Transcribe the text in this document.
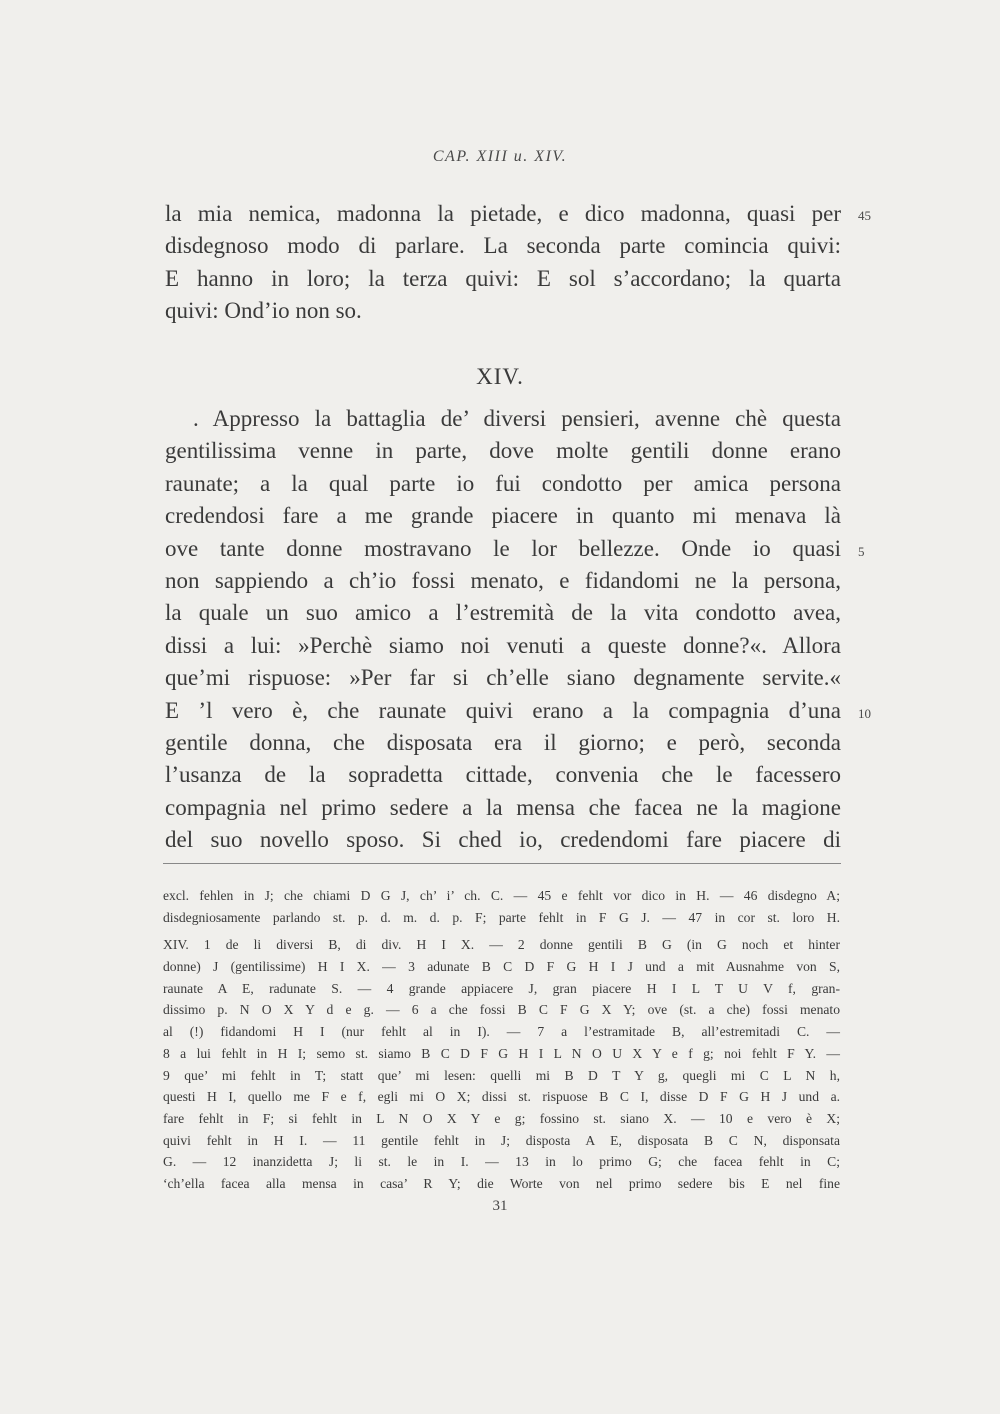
CAP. XIII u. XIV.
la mia nemica, madonna la pietade, e dico madonna, quasi per
disdegnoso modo di parlare. La seconda parte comincia quivi:
E hanno in loro; la terza quivi: E sol s’accordano; la quarta
quivi: Ond’io non so.
XIV.
. Appresso la battaglia de’ diversi pensieri, avenne chè questa
gentilissima venne in parte, dove molte gentili donne erano
raunate; a la qual parte io fui condotto per amica persona
credendosi fare a me grande piacere in quanto mi menava là
ove tante donne mostravano le lor bellezze. Onde io quasi
non sappiendo a ch’io fossi menato, e fidandomi ne la persona,
la quale un suo amico a l’estremità de la vita condotto avea,
dissi a lui: »Perchè siamo noi venuti a queste donne?«. Allora
que’mi rispuose: »Per far si ch’elle siano degnamente servite.«
E ’l vero è, che raunate quivi erano a la compagnia d’una
gentile donna, che disposata era il giorno; e però, seconda
l’usanza de la sopradetta cittade, convenia che le facessero
compagnia nel primo sedere a la mensa che facea ne la magione
del suo novello sposo. Si ched io, credendomi fare piacere di
45
5
10
excl. fehlen in J; che chiami D G J, ch’ i’ ch. C. — 45 e fehlt vor dico in H. — 46 disdegno A;
disdegniosamente parlando st. p. d. m. d. p. F; parte fehlt in F G J. — 47 in cor st. loro H.
XIV. 1 de li diversi B, di div. H I X. — 2 donne gentili B G (in G noch et hinter
donne) J (gentilissime) H I X. — 3 adunate B C D F G H I J und a mit Ausnahme von S,
raunate A E, radunate S. — 4 grande appiacere J, gran piacere H I L T U V f, gran-
dissimo p. N O X Y d e g. — 6 a che fossi B C F G X Y; ove (st. a che) fossi menato
al (!) fidandomi H I (nur fehlt al in I). — 7 a l’estramitade B, all’estremitadi C. —
8 a lui fehlt in H I; semo st. siamo B C D F G H I L N O U X Y e f g; noi fehlt F Y. —
9 que’ mi fehlt in T; statt que’ mi lesen: quelli mi B D T Y g, quegli mi C L N h,
questi H I, quello me F e f, egli mi O X; dissi st. rispuose B C I, disse D F G H J und a.
fare fehlt in F; si fehlt in L N O X Y e g; fossino st. siano X. — 10 e vero è X;
quivi fehlt in H I. — 11 gentile fehlt in J; disposta A E, disposata B C N, disponsata
G. — 12 inanzidetta J; li st. le in I. — 13 in lo primo G; che facea fehlt in C;
‘ch’ella facea alla mensa in casa’ R Y; die Worte von nel primo sedere bis E nel fine
31
